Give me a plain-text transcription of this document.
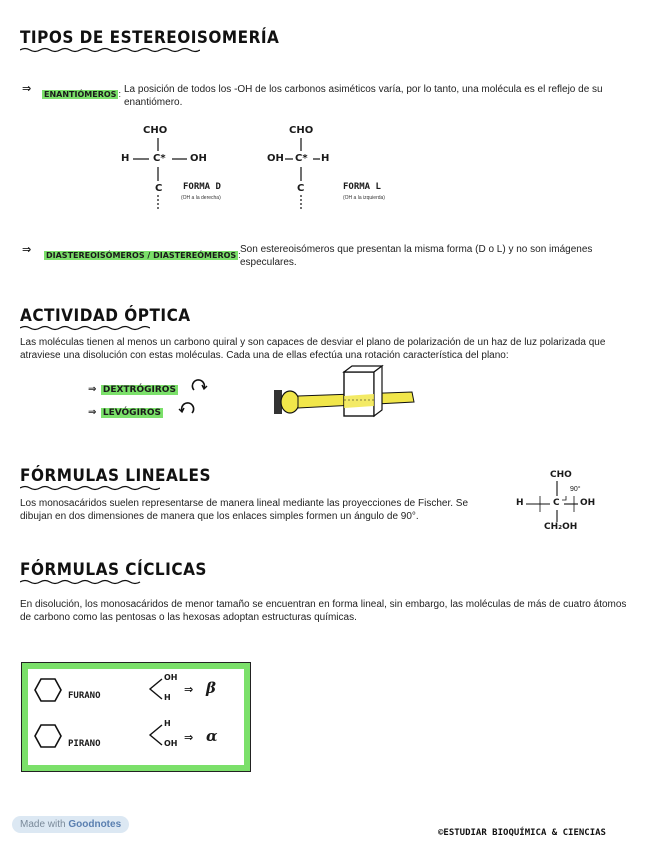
TIPOS DE ESTEREOISOMERÍA
⇒ ENANTIÓMEROS : La posición de todos los -OH de los carbonos asiméticos varía, por lo tanto, una molécula es el reflejo de su enantiómero.
CHO
H C* OH
C FORMA D
(OH a la derecha)
CHO
OH C* H
C	FORMA L
(OH a la izquierda)
⇒ DIASTEREOISÓMEROS / DIASTEREÓMEROS : Son estereoisómeros que presentan la misma forma (D o L) y no son imágenes especulares.
ACTIVIDAD ÓPTICA
Las moléculas tienen al menos un carbono quiral y son capaces de desviar el plano de polarización de un haz de luz polarizada que atraviese una disolución con estas moléculas. Cada una de ellas efectúa una rotación característica del plano:
⇒ DEXTRÓGIROS
⇒ LEVÓGIROS
FÓRMULAS LINEALES
Los monosacáridos suelen representarse de manera lineal mediante las proyecciones de Fischer. Se dibujan en dos dimensiones de manera que los enlaces simples formen un ángulo de 90°.
CHO
H	C OH
CH₂OH
90°
FÓRMULAS CÍCLICAS
En disolución, los monosacáridos de menor tamaño se encuentran en forma lineal, sin embargo, las moléculas de más de cuatro átomos de carbono como las pentosas o las hexosas adoptan estructuras químicas.
FURANO
OH
H
⇒ β
PIRANO
H
OH ⇒ α
Made with Goodnotes
©ESTUDIAR BIOQUÍMICA & CIENCIAS
